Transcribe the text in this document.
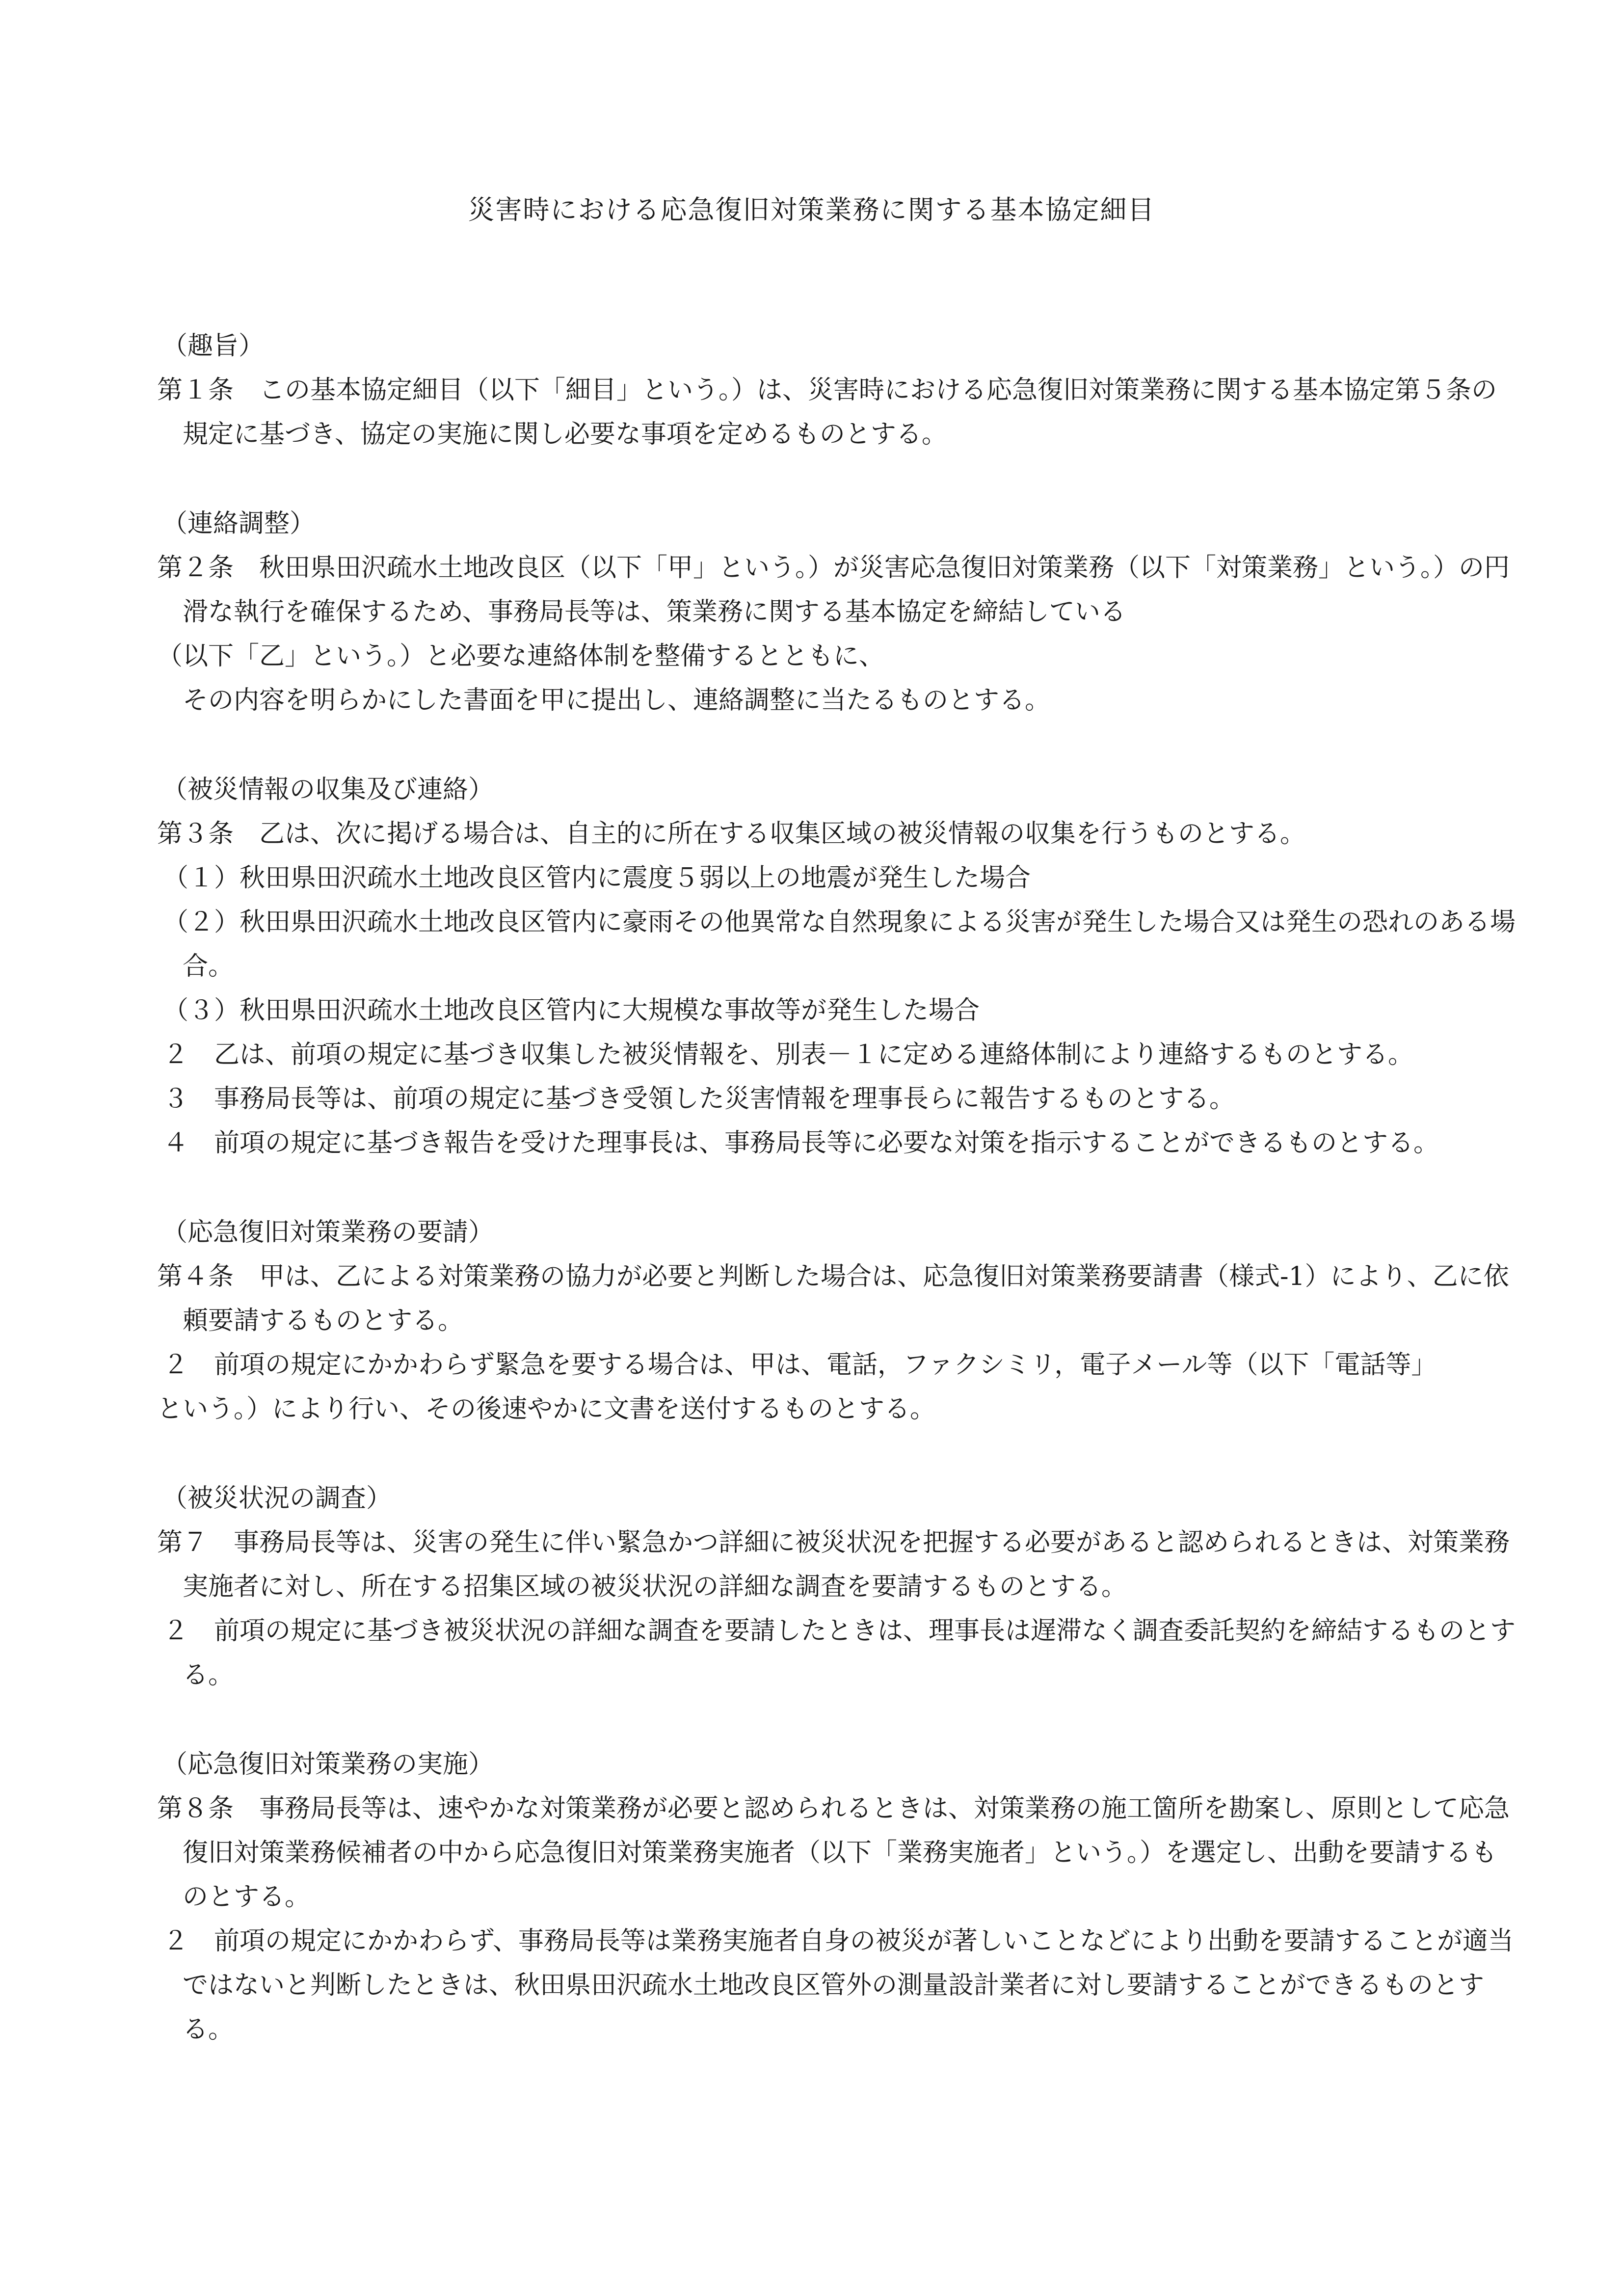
災害時における応急復旧対策業務に関する基本協定細目
（趣旨）

第１条　この基本協定細目（以下「細目」という。）は、災害時における応急復旧対策業務に関する基本協定第５条の規定に基づき、協定の実施に関し必要な事項を定めるものとする。

（連絡調整）

第２条　秋田県田沢疏水土地改良区（以下「甲」という。）が災害応急復旧対策業務（以下「対策業務」という。）の円滑な執行を確保するため、事務局長等は、策業務に関する基本協定を締結している

（以下「乙」という。）と必要な連絡体制を整備するとともに、

その内容を明らかにした書面を甲に提出し、連絡調整に当たるものとする。

（被災情報の収集及び連絡）

第３条　乙は、次に掲げる場合は、自主的に所在する収集区域の被災情報の収集を行うものとする。

（１）秋田県田沢疏水土地改良区管内に震度５弱以上の地震が発生した場合

（２）秋田県田沢疏水土地改良区管内に豪雨その他異常な自然現象による災害が発生した場合又は発生の恐れのある場合。

（３）秋田県田沢疏水土地改良区管内に大規模な事故等が発生した場合

２　乙は、前項の規定に基づき収集した被災情報を、別表－１に定める連絡体制により連絡するものとする。

３　事務局長等は、前項の規定に基づき受領した災害情報を理事長らに報告するものとする。

４　前項の規定に基づき報告を受けた理事長は、事務局長等に必要な対策を指示することができるものとする。

（応急復旧対策業務の要請）

第４条　甲は、乙による対策業務の協力が必要と判断した場合は、応急復旧対策業務要請書（様式-1）により、乙に依頼要請するものとする。

２　前項の規定にかかわらず緊急を要する場合は、甲は、電話，ファクシミリ，電子メール等（以下「電話等」

という。）により行い、その後速やかに文書を送付するものとする。

（被災状況の調査）

第７　事務局長等は、災害の発生に伴い緊急かつ詳細に被災状況を把握する必要があると認められるときは、対策業務実施者に対し、所在する招集区域の被災状況の詳細な調査を要請するものとする。

２　前項の規定に基づき被災状況の詳細な調査を要請したときは、理事長は遅滞なく調査委託契約を締結するものとする。

（応急復旧対策業務の実施）

第８条　事務局長等は、速やかな対策業務が必要と認められるときは、対策業務の施工箇所を勘案し、原則として応急復旧対策業務候補者の中から応急復旧対策業務実施者（以下「業務実施者」という。）を選定し、出動を要請するものとする。

２　前項の規定にかかわらず、事務局長等は業務実施者自身の被災が著しいことなどにより出動を要請することが適当ではないと判断したときは、秋田県田沢疏水土地改良区管外の測量設計業者に対し要請することができるものとする。
